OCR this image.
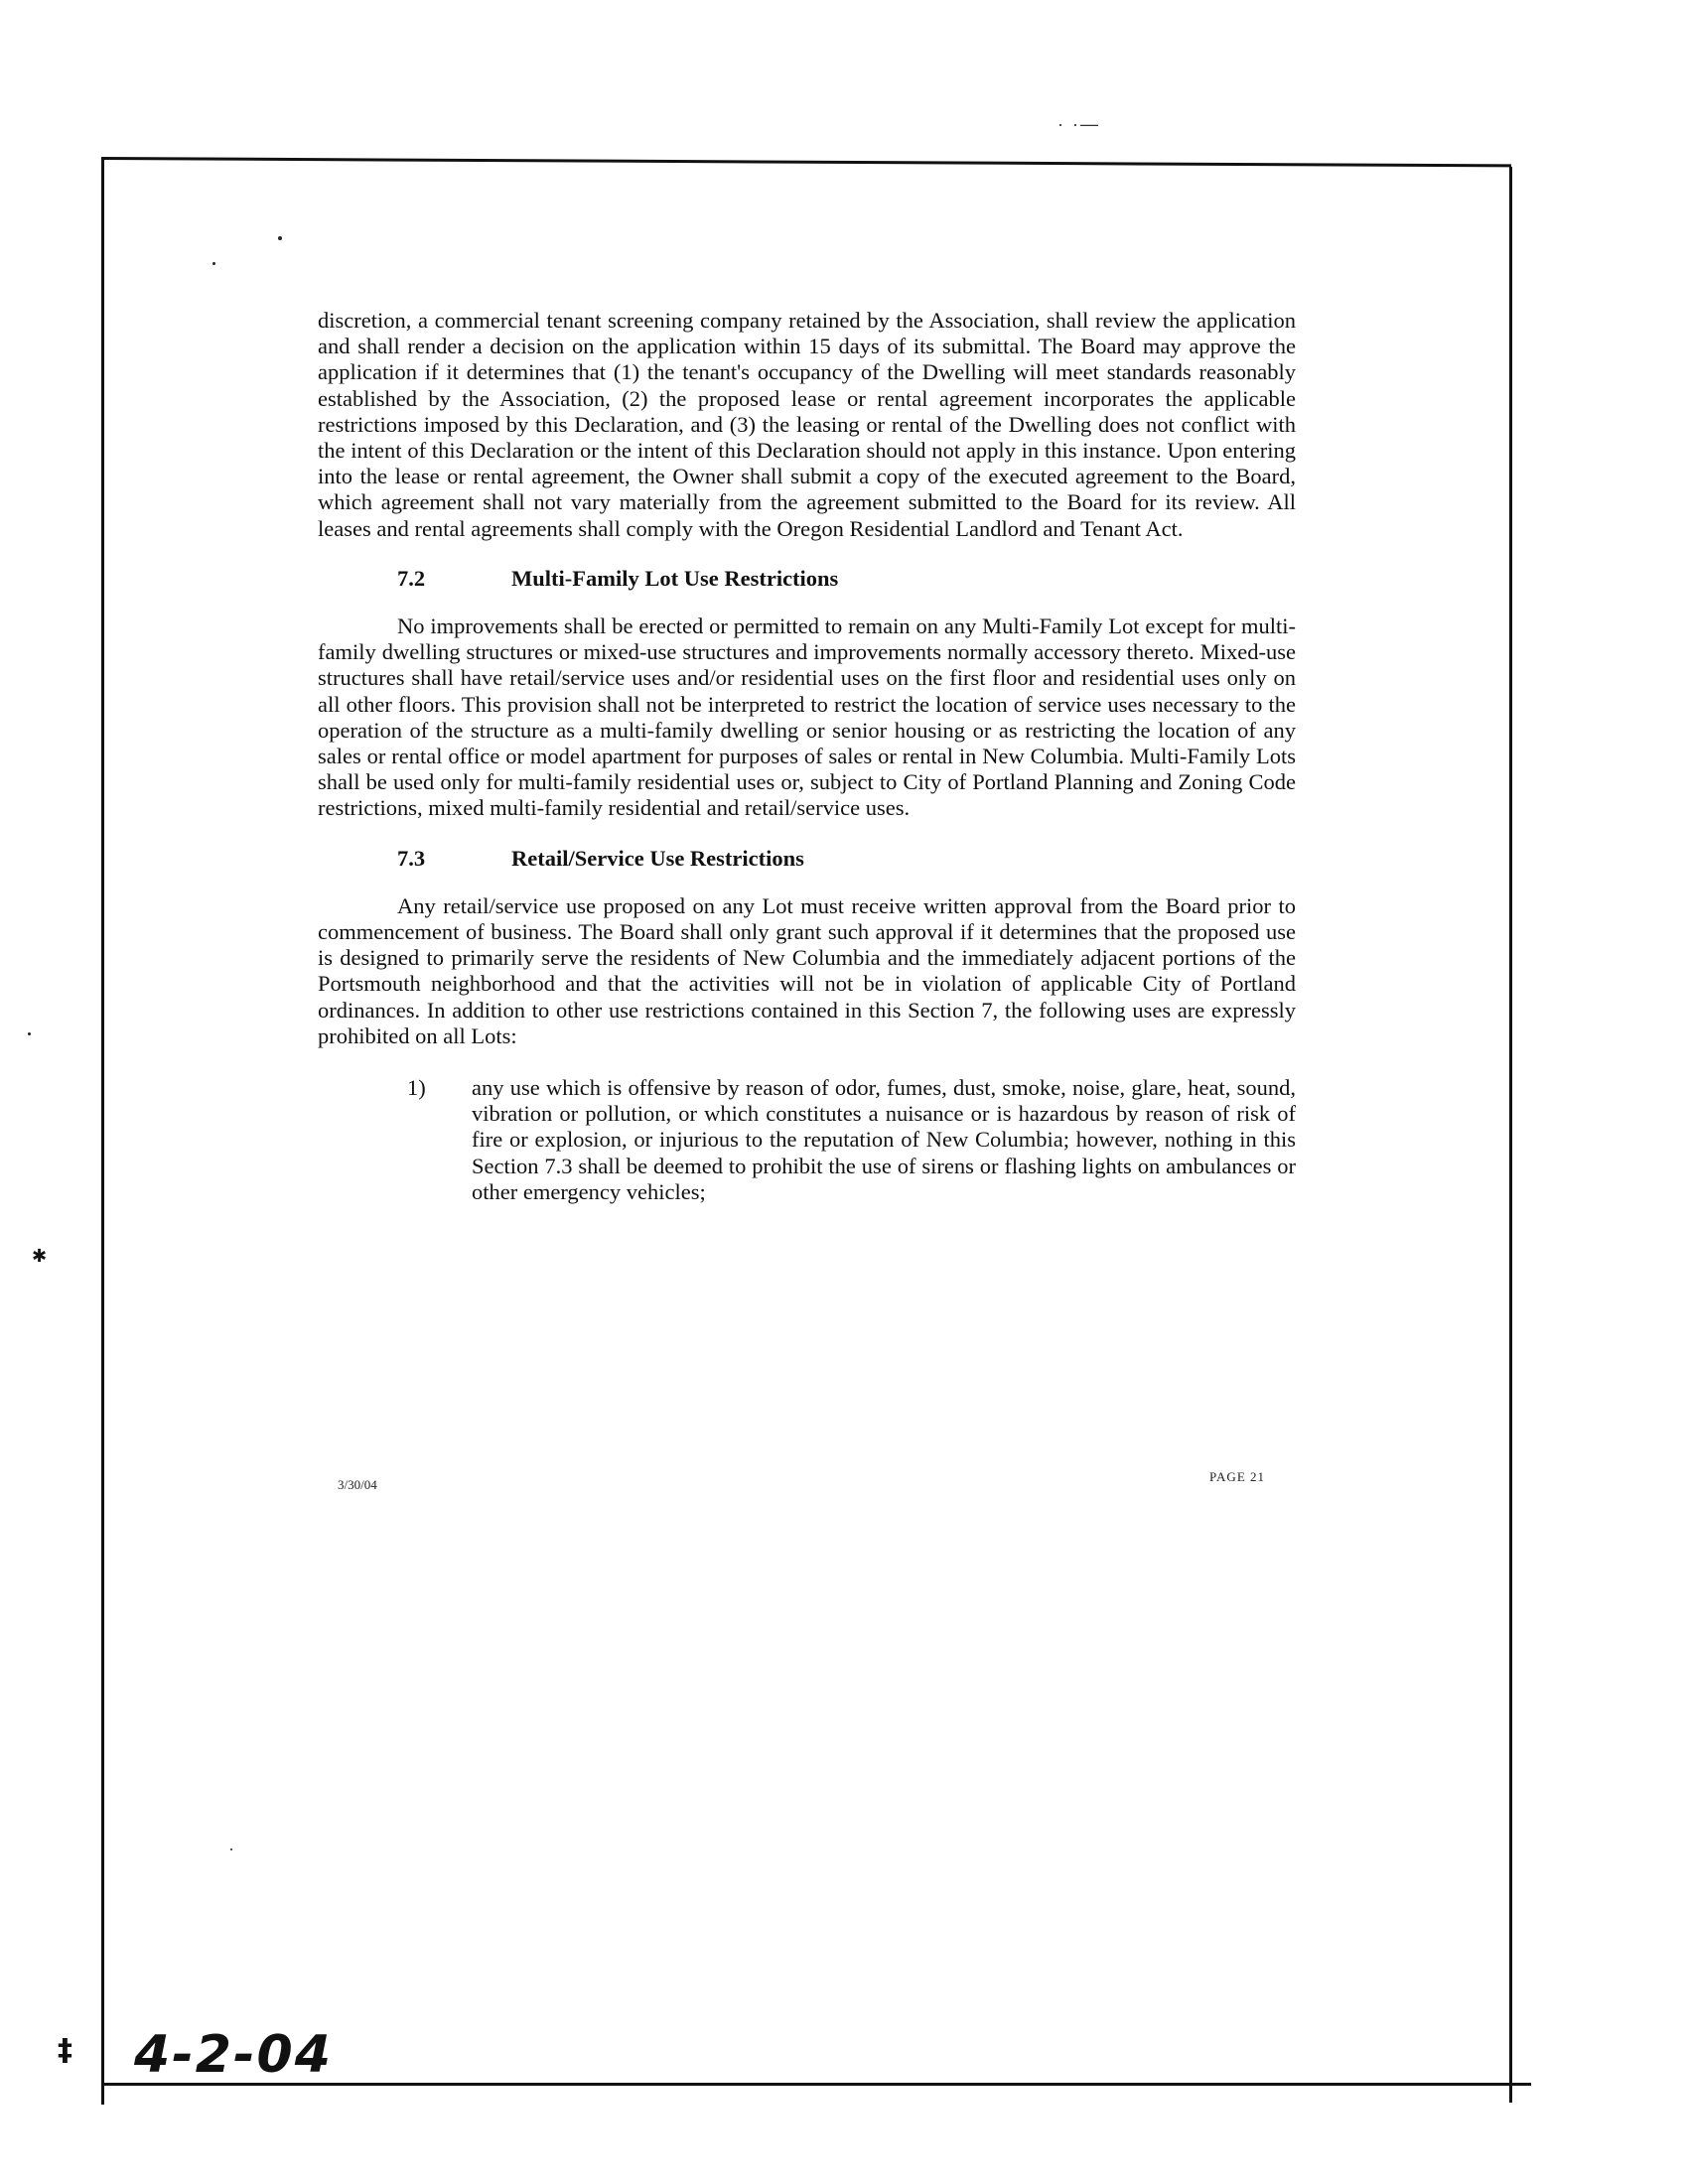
· ·—

discretion, a commercial tenant screening company retained by the Association, shall review the application and shall render a decision on the application within 15 days of its submittal. The Board may approve the application if it determines that (1) the tenant's occupancy of the Dwelling will meet standards reasonably established by the Association, (2) the proposed lease or rental agreement incorporates the applicable restrictions imposed by this Declaration, and (3) the leasing or rental of the Dwelling does not conflict with the intent of this Declaration or the intent of this Declaration should not apply in this instance. Upon entering into the lease or rental agreement, the Owner shall submit a copy of the executed agreement to the Board, which agreement shall not vary materially from the agreement submitted to the Board for its review. All leases and rental agreements shall comply with the Oregon Residential Landlord and Tenant Act.

7.2	Multi-Family Lot Use Restrictions

No improvements shall be erected or permitted to remain on any Multi-Family Lot except for multi-family dwelling structures or mixed-use structures and improvements normally accessory thereto. Mixed-use structures shall have retail/service uses and/or residential uses on the first floor and residential uses only on all other floors. This provision shall not be interpreted to restrict the location of service uses necessary to the operation of the structure as a multi-family dwelling or senior housing or as restricting the location of any sales or rental office or model apartment for purposes of sales or rental in New Columbia. Multi-Family Lots shall be used only for multi-family residential uses or, subject to City of Portland Planning and Zoning Code restrictions, mixed multi-family residential and retail/service uses.

7.3	Retail/Service Use Restrictions

Any retail/service use proposed on any Lot must receive written approval from the Board prior to commencement of business. The Board shall only grant such approval if it determines that the proposed use is designed to primarily serve the residents of New Columbia and the immediately adjacent portions of the Portsmouth neighborhood and that the activities will not be in violation of applicable City of Portland ordinances. In addition to other use restrictions contained in this Section 7, the following uses are expressly prohibited on all Lots:

1)	any use which is offensive by reason of odor, fumes, dust, smoke, noise, glare, heat, sound, vibration or pollution, or which constitutes a nuisance or is hazardous by reason of risk of fire or explosion, or injurious to the reputation of New Columbia; however, nothing in this Section 7.3 shall be deemed to prohibit the use of sirens or flashing lights on ambulances or other emergency vehicles;
3/30/04
PAGE 21
✱
‡ 4-2-04
